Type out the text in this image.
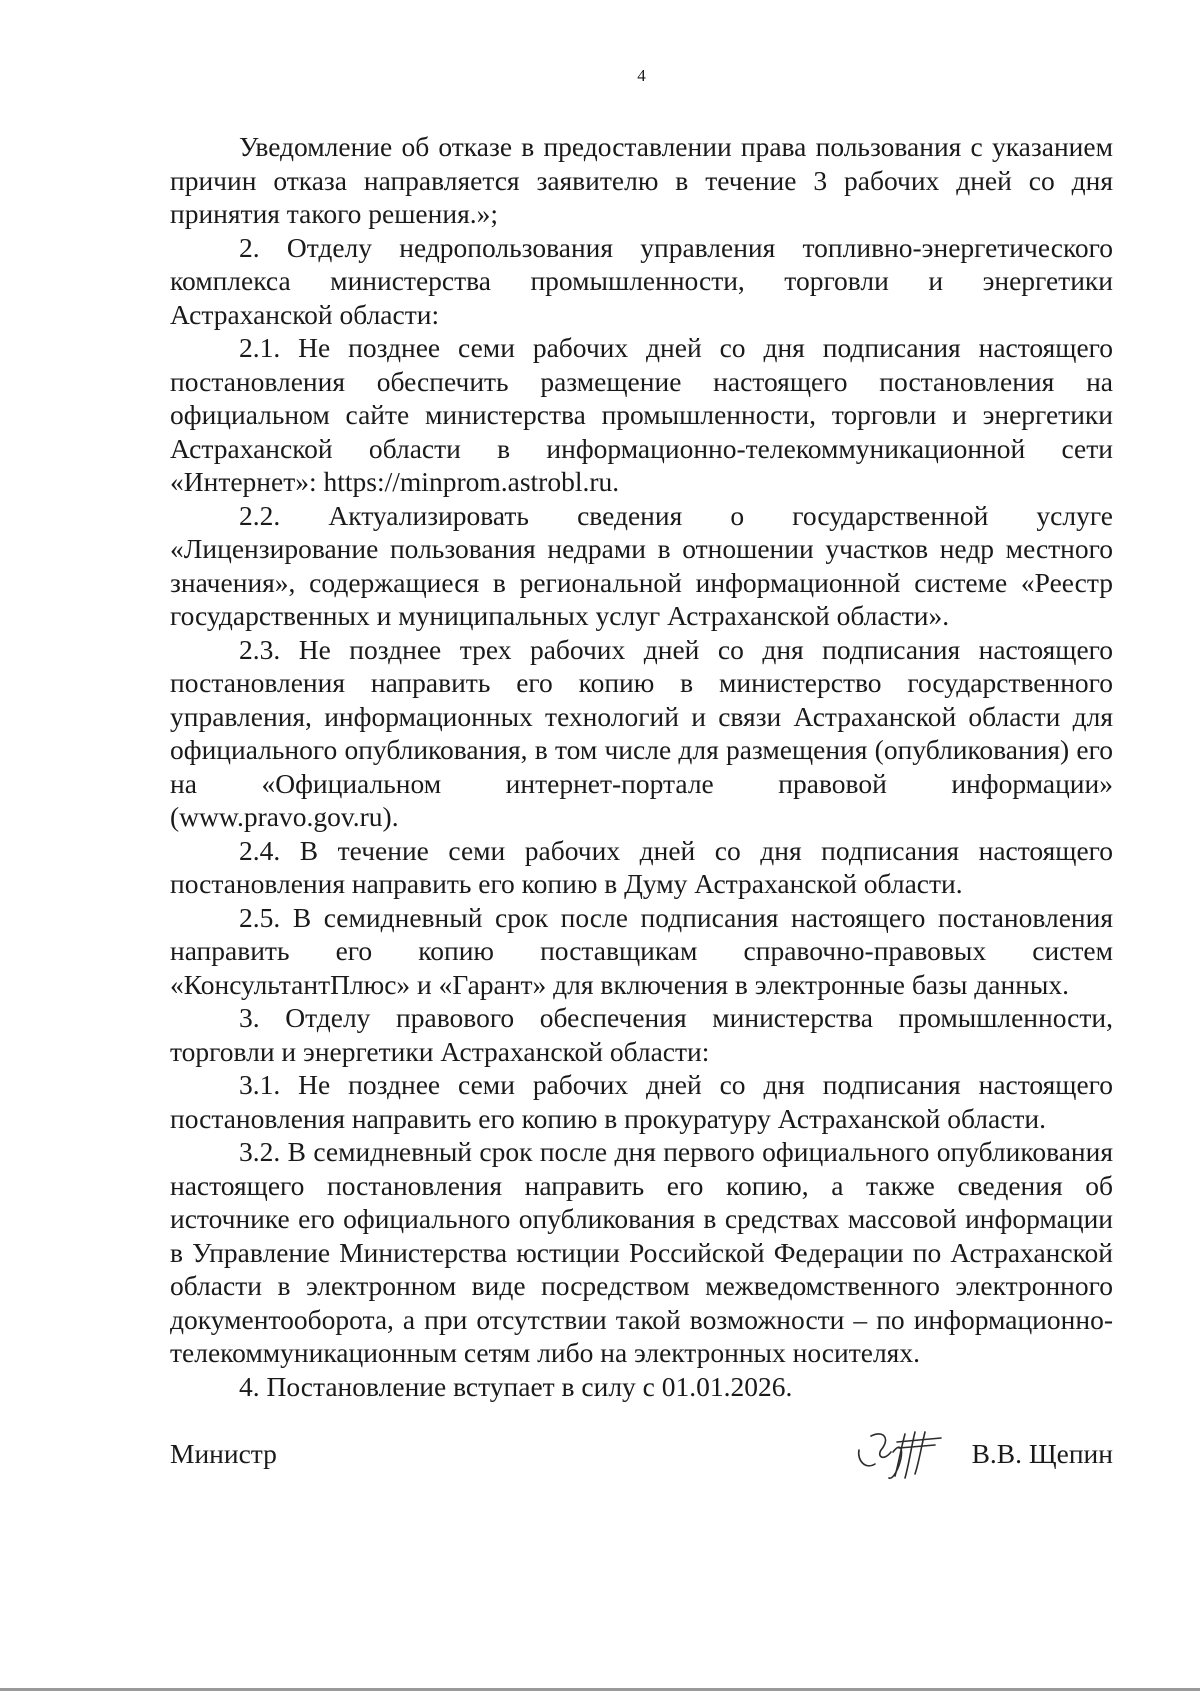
4

Уведомление об отказе в предоставлении права пользования с указанием причин отказа направляется заявителю в течение 3 рабочих дней со дня принятия такого решения.»;

2. Отделу недропользования управления топливно-энергетического комплекса министерства промышленности, торговли и энергетики Астраханской области:

2.1. Не позднее семи рабочих дней со дня подписания настоящего постановления обеспечить размещение настоящего постановления на официальном сайте министерства промышленности, торговли и энергетики Астраханской области в информационно-телекоммуникационной сети «Интернет»: https://minprom.astrobl.ru.

2.2. Актуализировать сведения о государственной услуге «Лицензирование пользования недрами в отношении участков недр местного значения», содержащиеся в региональной информационной системе «Реестр государственных и муниципальных услуг Астраханской области».

2.3. Не позднее трех рабочих дней со дня подписания настоящего постановления направить его копию в министерство государственного управления, информационных технологий и связи Астраханской области для официального опубликования, в том числе для размещения (опубликования) его на «Официальном интернет-портале правовой информации» (www.pravo.gov.ru).

2.4. В течение семи рабочих дней со дня подписания настоящего постановления направить его копию в Думу Астраханской области.

2.5. В семидневный срок после подписания настоящего постановления направить его копию поставщикам справочно-правовых систем «КонсультантПлюс» и «Гарант» для включения в электронные базы данных.

3. Отделу правового обеспечения министерства промышленности, торговли и энергетики Астраханской области:

3.1. Не позднее семи рабочих дней со дня подписания настоящего постановления направить его копию в прокуратуру Астраханской области.

3.2. В семидневный срок после дня первого официального опубликования настоящего постановления направить его копию, а также сведения об источнике его официального опубликования в средствах массовой информации в Управление Министерства юстиции Российской Федерации по Астраханской области в электронном виде посредством межведомственного электронного документооборота, а при отсутствии такой возможности – по информационно-телекоммуникационным сетям либо на электронных носителях.

4. Постановление вступает в силу с 01.01.2026.

Министр	В.В. Щепин
